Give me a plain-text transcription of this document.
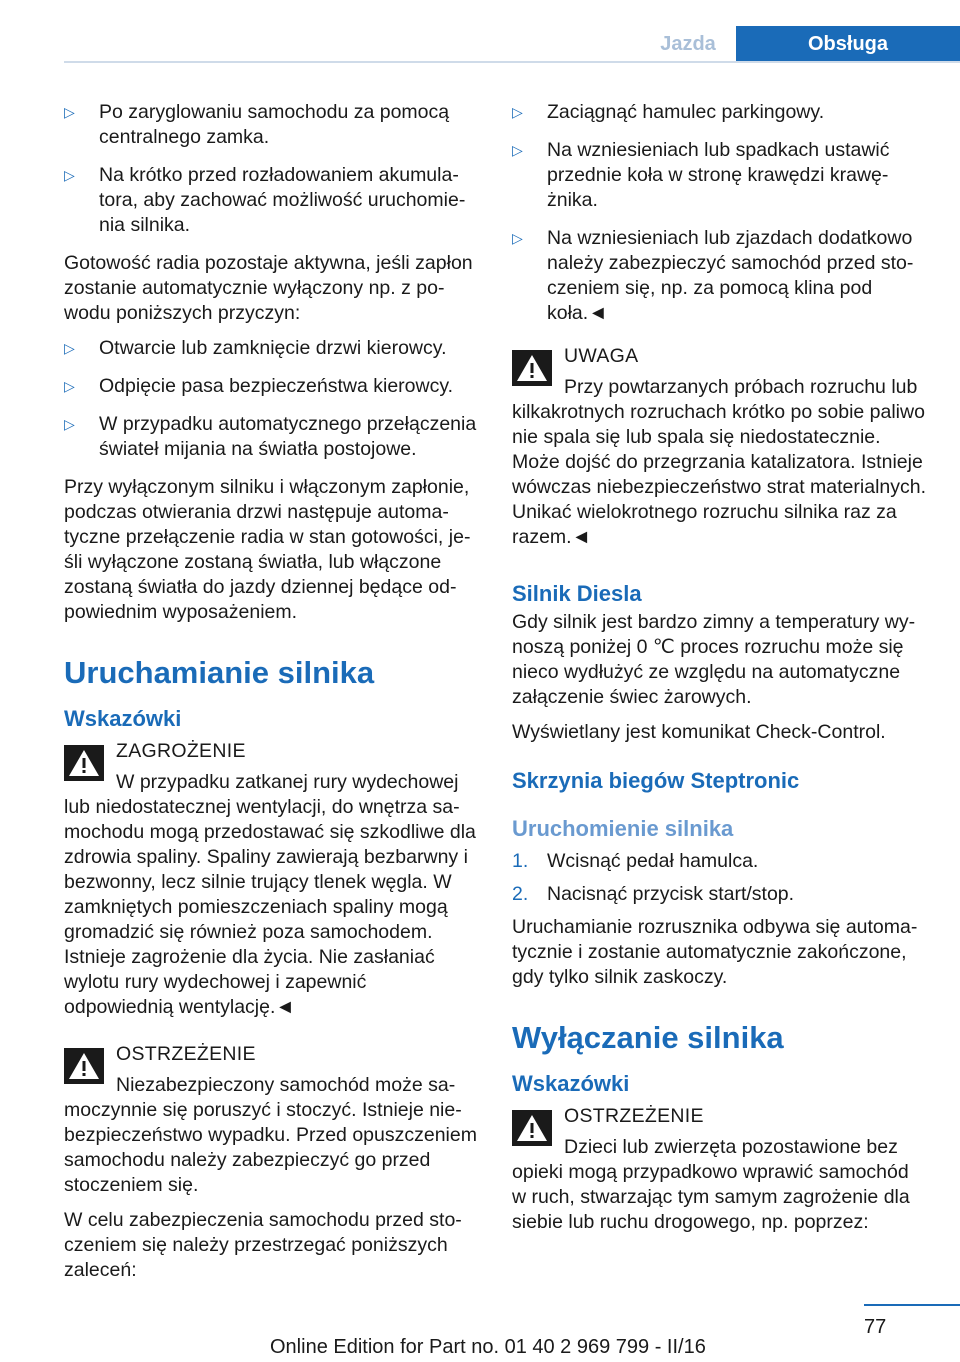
Jazda	Obsługa
▷ Po zaryglowaniu samochodu za pomocą centralnego zamka.
▷ Na krótko przed rozładowaniem akumulatora, aby zachować możliwość uruchomienia silnika.

Gotowość radia pozostaje aktywna, jeśli zapłon zostanie automatycznie wyłączony np. z powodu poniższych przyczyn:

▷ Otwarcie lub zamknięcie drzwi kierowcy.
▷ Odpięcie pasa bezpieczeństwa kierowcy.
▷ W przypadku automatycznego przełączenia świateł mijania na światła postojowe.

Przy wyłączonym silniku i włączonym zapłonie, podczas otwierania drzwi następuje automatyczne przełączenie radia w stan gotowości, jeśli wyłączone zostaną światła, lub włączone zostaną światła do jazdy dziennej będące odpowiednim wyposażeniem.

Uruchamianie silnika
Wskazówki
ZAGROŻENIE
W przypadku zatkanej rury wydechowej lub niedostatecznej wentylacji, do wnętrza samochodu mogą przedostawać się szkodliwe dla zdrowia spaliny. Spaliny zawierają bezbarwny i bezwonny, lecz silnie trujący tlenek węgla. W zamkniętych pomieszczeniach spaliny mogą gromadzić się również poza samochodem. Istnieje zagrożenie dla życia. Nie zasłaniać wylotu rury wydechowej i zapewnić odpowiednią wentylację.◄
OSTRZEŻENIE
Niezabezpieczony samochód może samoczynnie się poruszyć i stoczyć. Istnieje niebezpieczeństwo wypadku. Przed opuszczeniem samochodu należy zabezpieczyć go przed stoczeniem się.

W celu zabezpieczenia samochodu przed stoczeniem się należy przestrzegać poniższych zaleceń:

▷ Zaciągnąć hamulec parkingowy.
▷ Na wzniesieniach lub spadkach ustawić przednie koła w stronę krawędzi krawężnika.
▷ Na wzniesieniach lub zjazdach dodatkowo należy zabezpieczyć samochód przed stoczeniem się, np. za pomocą klina pod koła.◄
UWAGA
Przy powtarzanych próbach rozruchu lub kilkakrotnych rozruchach krótko po sobie paliwo nie spala się lub spala się niedostatecznie. Może dojść do przegrzania katalizatora. Istnieje wówczas niebezpieczeństwo strat materialnych. Unikać wielokrotnego rozruchu silnika raz za razem.◄
Silnik Diesla

Gdy silnik jest bardzo zimny a temperatury wynoszą poniżej 0 ℃ proces rozruchu może się nieco wydłużyć ze względu na automatyczne załączenie świec żarowych.

Wyświetlany jest komunikat Check-Control.

Skrzynia biegów Steptronic
Uruchomienie silnika
1. Wcisnąć pedał hamulca.
2. Nacisnąć przycisk start/stop.

Uruchamianie rozrusznika odbywa się automatycznie i zostanie automatycznie zakończone, gdy tylko silnik zaskoczy.

Wyłączanie silnika
Wskazówki
OSTRZEŻENIE
Dzieci lub zwierzęta pozostawione bez opieki mogą przypadkowo wprawić samochód w ruch, stwarzając tym samym zagrożenie dla siebie lub ruchu drogowego, np. poprzez:
77
Online Edition for Part no. 01 40 2 969 799 - II/16
